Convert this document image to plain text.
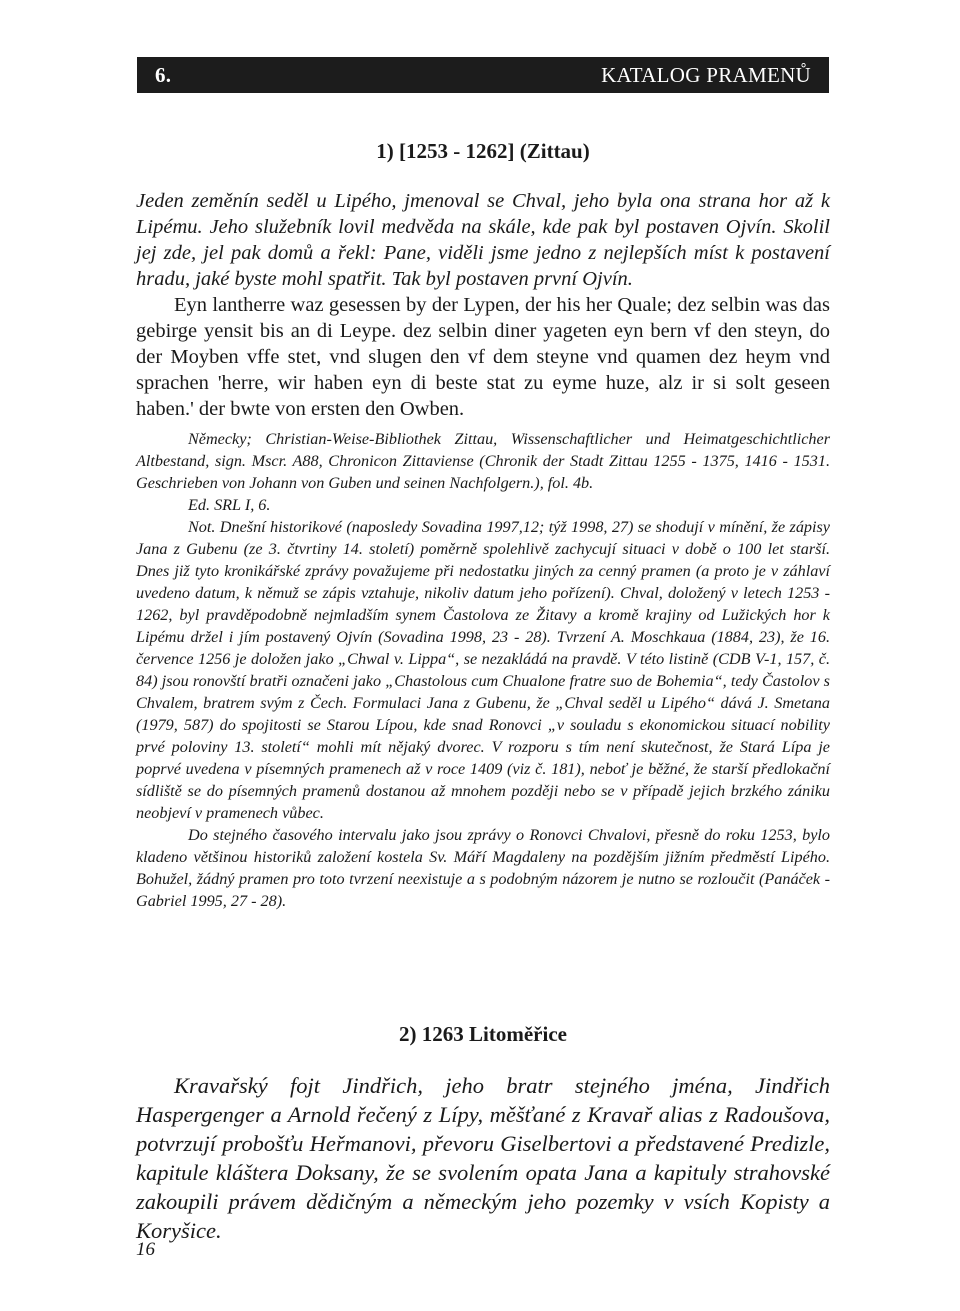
6.	KATALOG PRAMENŮ

1) [1253 - 1262] (Zittau)

Jeden zeměnín seděl u Lipého, jmenoval se Chval, jeho byla ona strana hor až k Lipému. Jeho služebník lovil medvěda na skále, kde pak byl postaven Ojvín. Skolil jej zde, jel pak domů a řekl: Pane, viděli jsme jedno z nejlepších míst k postavení hradu, jaké byste mohl spatřit. Tak byl postaven první Ojvín.

Eyn lantherre waz gesessen by der Lypen, der his her Quale; dez selbin was das gebirge yensit bis an di Leype. dez selbin diner yageten eyn bern vf den steyn, do der Moyben vffe stet, vnd slugen den vf dem steyne vnd quamen dez heym vnd sprachen 'herre, wir haben eyn di beste stat zu eyme huze, alz ir si solt geseen haben.' der bwte von ersten den Owben.

Německy; Christian-Weise-Bibliothek Zittau, Wissenschaftlicher und Heimatgeschichtlicher Altbestand, sign. Mscr. A88, Chronicon Zittaviense (Chronik der Stadt Zittau 1255 - 1375, 1416 - 1531. Geschrieben von Johann von Guben und seinen Nachfolgern.), fol. 4b.

Ed. SRL I, 6.

Not. Dnešní historikové (naposledy Sovadina 1997,12; týž 1998, 27) se shodují v mínění, že zápisy Jana z Gubenu (ze 3. čtvrtiny 14. století) poměrně spolehlivě zachycují situaci v době o 100 let starší. Dnes již tyto kronikářské zprávy považujeme při nedostatku jiných za cenný pramen (a proto je v záhlaví uvedeno datum, k němuž se zápis vztahuje, nikoliv datum jeho pořízení). Chval, doložený v letech 1253 - 1262, byl pravděpodobně nejmladším synem Častolova ze Žitavy a kromě krajiny od Lužických hor k Lipému držel i jím postavený Ojvín (Sovadina 1998, 23 - 28). Tvrzení A. Moschkaua (1884, 23), že 16. července 1256 je doložen jako „Chwal v. Lippa“, se nezakládá na pravdě. V této listině (CDB V-1, 157, č. 84) jsou ronovští bratři označeni jako „Chastolous cum Chualone fratre suo de Bohemia“, tedy Častolov s Chvalem, bratrem svým z Čech. Formulaci Jana z Gubenu, že „Chval seděl u Lipého“ dává J. Smetana (1979, 587) do spojitosti se Starou Lípou, kde snad Ronovci „v souladu s ekonomickou situací nobility prvé poloviny 13. století“ mohli mít nějaký dvorec. V rozporu s tím není skutečnost, že Stará Lípa je poprvé uvedena v písemných pramenech až v roce 1409 (viz č. 181), neboť je běžné, že starší předlokační sídliště se do písemných pramenů dostanou až mnohem později nebo se v případě jejich brzkého zániku neobjeví v pramenech vůbec.

Do stejného časového intervalu jako jsou zprávy o Ronovci Chvalovi, přesně do roku 1253, bylo kladeno většinou historiků založení kostela Sv. Máří Magdaleny na pozdějším jižním předměstí Lipého. Bohužel, žádný pramen pro toto tvrzení neexistuje a s podobným názorem je nutno se rozloučit (Panáček - Gabriel 1995, 27 - 28).

2) 1263 Litoměřice

Kravařský fojt Jindřich, jeho bratr stejného jména, Jindřich Haspergenger a Arnold řečený z Lípy, měšťané z Kravař alias z Radoušova, potvrzují probošťu Heřmanovi, převoru Giselbertovi a představené Predizle, kapitule kláštera Doksany, že se svolením opata Jana a kapituly strahovské zakoupili právem dědičným a německým jeho pozemky v vsích Kopisty a Koryšice.

16
